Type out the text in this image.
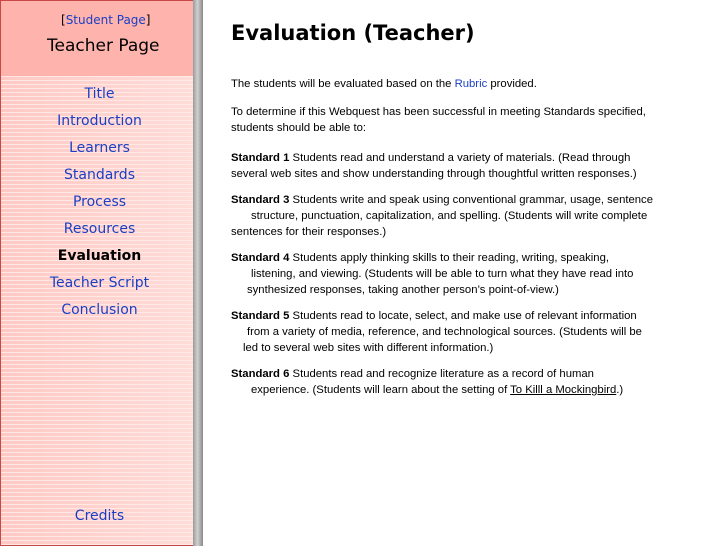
[Student Page]
Teacher Page
Title
Introduction
Learners
Standards
Process
Resources
Evaluation
Teacher Script
Conclusion
Credits
Evaluation (Teacher)

The students will be evaluated based on the Rubric provided.

To determine if this Webquest has been successful in meeting Standards specified,
students should be able to:

Standard 1 Students read and understand a variety of materials. (Read through
several web sites and show understanding through thoughtful written responses.)

Standard 3 Students write and speak using conventional grammar, usage, sentence
structure, punctuation, capitalization, and spelling. (Students will write complete
sentences for their responses.)

Standard 4 Students apply thinking skills to their reading, writing, speaking,
listening, and viewing. (Students will be able to turn what they have read into
synthesized responses, taking another person’s point-of-view.)

Standard 5 Students read to locate, select, and make use of relevant information
from a variety of media, reference, and technological sources. (Students will be
led to several web sites with different information.)

Standard 6 Students read and recognize literature as a record of human
experience. (Students will learn about the setting of To Killl a Mockingbird.)
